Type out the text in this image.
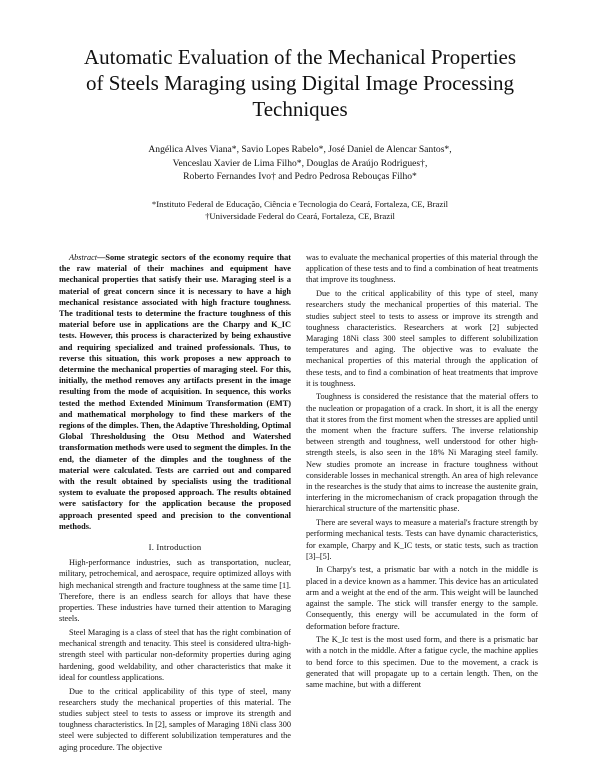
Automatic Evaluation of the Mechanical Properties
of Steels Maraging using Digital Image Processing
Techniques
Angélica Alves Viana*, Savio Lopes Rabelo*, José Daniel de Alencar Santos*,
Venceslau Xavier de Lima Filho*, Douglas de Araújo Rodrigues†,
Roberto Fernandes Ivo† and Pedro Pedrosa Rebouças Filho*
*Instituto Federal de Educação, Ciência e Tecnologia do Ceará, Fortaleza, CE, Brazil
†Universidade Federal do Ceará, Fortaleza, CE, Brazil
Abstract—Some strategic sectors of the economy require that the raw material of their machines and equipment have mechanical properties that satisfy their use. Maraging steel is a material of great concern since it is necessary to have a high mechanical resistance associated with high fracture toughness. The traditional tests to determine the fracture toughness of this material before use in applications are the Charpy and K_IC tests. However, this process is characterized by being exhaustive and requiring specialized and trained professionals. Thus, to reverse this situation, this work proposes a new approach to determine the mechanical properties of maraging steel. For this, initially, the method removes any artifacts present in the image resulting from the mode of acquisition. In sequence, this works tested the method Extended Minimum Transformation (EMT) and mathematical morphology to find these markers of the regions of the dimples. Then, the Adaptive Thresholding, Optimal Global Thresholdusing the Otsu Method and Watershed transformation methods were used to segment the dimples. In the end, the diameter of the dimples and the toughness of the material were calculated. Tests are carried out and compared with the result obtained by specialists using the traditional system to evaluate the proposed approach. The results obtained were satisfactory for the application because the proposed approach presented speed and precision to the conventional methods.
I. Introduction

High-performance industries, such as transportation, nuclear, military, petrochemical, and aerospace, require optimized alloys with high mechanical strength and fracture toughness at the same time [1]. Therefore, there is an endless search for alloys that have these properties. These industries have turned their attention to Maraging steels.

Steel Maraging is a class of steel that has the right combination of mechanical strength and tenacity. This steel is considered ultra-high-strength steel with particular non-deformity properties during aging hardening, good weldability, and other characteristics that make it ideal for countless applications.

Due to the critical applicability of this type of steel, many researchers study the mechanical properties of this material. The studies subject steel to tests to assess or improve its strength and toughness characteristics. In [2], samples of Maraging 18Ni class 300 steel were subjected to different solubilization temperatures and the aging procedure. The objective

was to evaluate the mechanical properties of this material through the application of these tests and to find a combination of heat treatments that improve its toughness.

Due to the critical applicability of this type of steel, many researchers study the mechanical properties of this material. The studies subject steel to tests to assess or improve its strength and toughness characteristics. Researchers at work [2] subjected Maraging 18Ni class 300 steel samples to different solubilization temperatures and aging. The objective was to evaluate the mechanical properties of this material through the application of these tests, and to find a combination of heat treatments that improve it is toughness.

Toughness is considered the resistance that the material offers to the nucleation or propagation of a crack. In short, it is all the energy that it stores from the first moment when the stresses are applied until the moment when the fracture suffers. The inverse relationship between strength and toughness, well understood for other high-strength steels, is also seen in the 18% Ni Maraging steel family. New studies promote an increase in fracture toughness without considerable losses in mechanical strength. An area of high relevance in the researches is the study that aims to increase the austenite grain, interfering in the micromechanism of crack propagation through the hierarchical structure of the martensitic phase.

There are several ways to measure a material's fracture strength by performing mechanical tests. Tests can have dynamic characteristics, for example, Charpy and K_IC tests, or static tests, such as traction [3]–[5].

In Charpy's test, a prismatic bar with a notch in the middle is placed in a device known as a hammer. This device has an articulated arm and a weight at the end of the arm. This weight will be launched against the sample. The stick will transfer energy to the sample. Consequently, this energy will be accumulated in the form of deformation before fracture.

The K_Ic test is the most used form, and there is a prismatic bar with a notch in the middle. After a fatigue cycle, the machine applies to bend force to this specimen. Due to the movement, a crack is generated that will propagate up to a certain length. Then, on the same machine, but with a different
